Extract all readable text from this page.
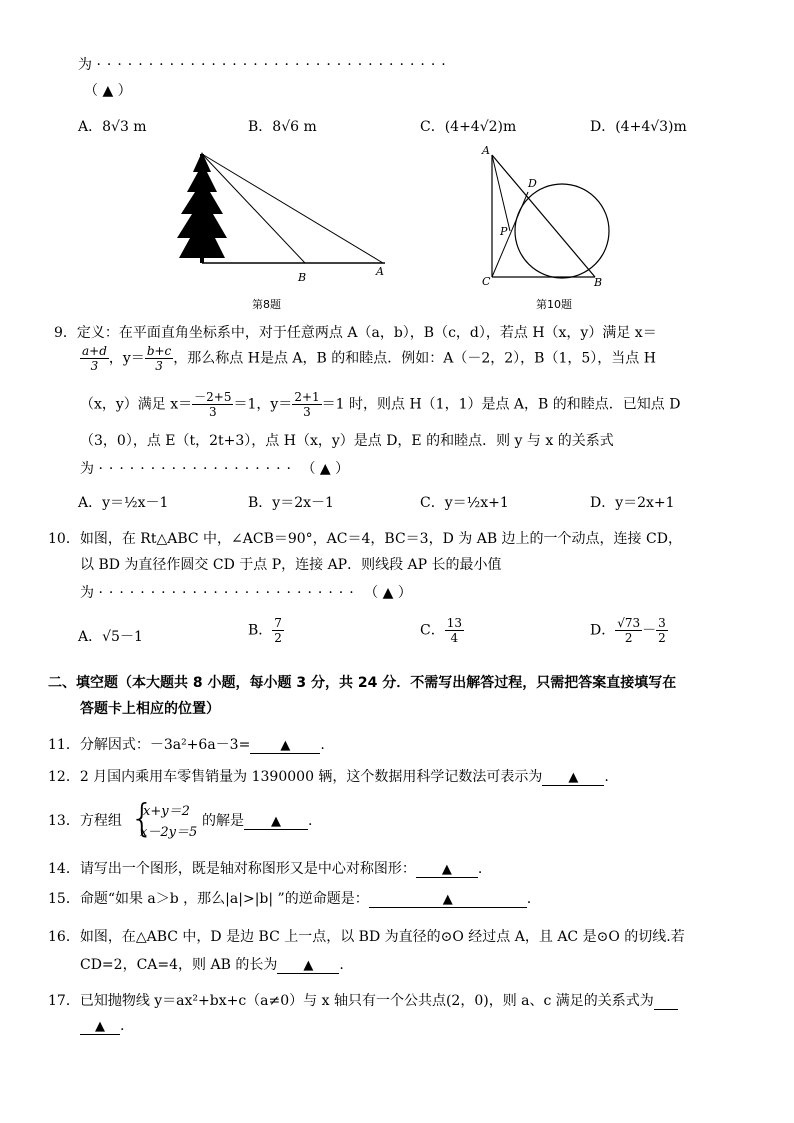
为 ··································
（ ▲ ）
A．8√3 m	B．8√6 m	C．(4+4√2)m	D．(4+4√3)m
B	A
第8题
A
D
P
C	B
第10题
9．定义：在平面直角坐标系中，对于任意两点 A（a，b），B（c，d），若点 H（x，y）满足 x＝
$\frac{a+d}{3}$ ，$y= \frac{b+c}{3}$ ，那么称点 H是点 A，B 的和睦点．例如：A（－2，2），B（1，5），当点 H
（x，y）满足 $x= \frac{-2+5}{3} =1$，$y= \frac{2+1}{3} =1$ 时，则点 H（1，1）是点 A，B 的和睦点．已知点 D
（3，0），点 E（t，2t+3），点 H（x，y）是点 D，E 的和睦点．则 y 与 x 的关系式
为 ··················· （ ▲ ）
A．y＝½x－1	B．y＝2x－1	C．y＝½x+1	D．y＝2x+1
10．如图，在 Rt△ABC 中，∠ACB＝90°，AC＝4，BC＝3，D 为 AB 边上的一个动点，连接 CD，
以 BD 为直径作圆交 CD 于点 P，连接 AP．则线段 AP 长的最小值
为 ························· （ ▲ ）
A．√5－1	B． $\frac{7}{2}$	C． $\frac{13}{4}$	D． $\frac{√73}{2} - \frac{3}{2}$
二、填空题（本大题共 8 小题，每小题 3 分，共 24 分．不需写出解答过程，只需把答案直接填写在
答题卡上相应的位置）
11．分解因式：－3a²+6a－3= ▲ .
12．2 月国内乘用车零售销量为 1390000 辆，这个数据用科学记数法可表示为 ▲ .
13．方程组 {
x+y＝2
x－2y＝5
的解是 ▲ .
14．请写出一个图形，既是轴对称图形又是中心对称图形： ▲ .
15．命题“如果 a＞b ，那么|a|>|b| ”的逆命题是：	▲	.
16．如图，在△ABC 中，D 是边 BC 上一点，以 BD 为直径的⊙O 经过点 A，且 AC 是⊙O 的切线.若
CD=2，CA=4，则 AB 的长为 ▲ .
17．已知抛物线 y＝ax²+bx+c（a≠0）与 x 轴只有一个公共点(2，0)，则 a、c 满足的关系式为
▲ .
